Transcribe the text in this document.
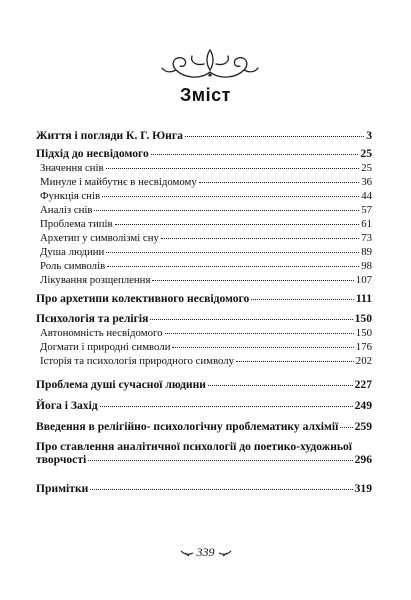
Зміст
Життя і погляди К. Г. Юнга	3
Підхід до несвідомого	25
Значення снів	25
Минуле і майбутнє в несвідомому	36
Функція снів	44
Аналіз снів	57
Проблема типів	61
Архетип у символізмі сну	73
Душа людини	89
Роль символів	98
Лікування розщеплення	107
Про архетипи колективного несвідомого	111
Психологія та релігія	150
Автономність несвідомого	150
Догмати і природні символи	176
Історія та психологія природного символу	202
Проблема душі сучасної людини	227
Йога і Захід	249
Введення в релігійно- психологічну проблематику алхімії 259
Про ставлення аналітичної психології до поетико-художньої
творчості	296
Примітки	319
339
